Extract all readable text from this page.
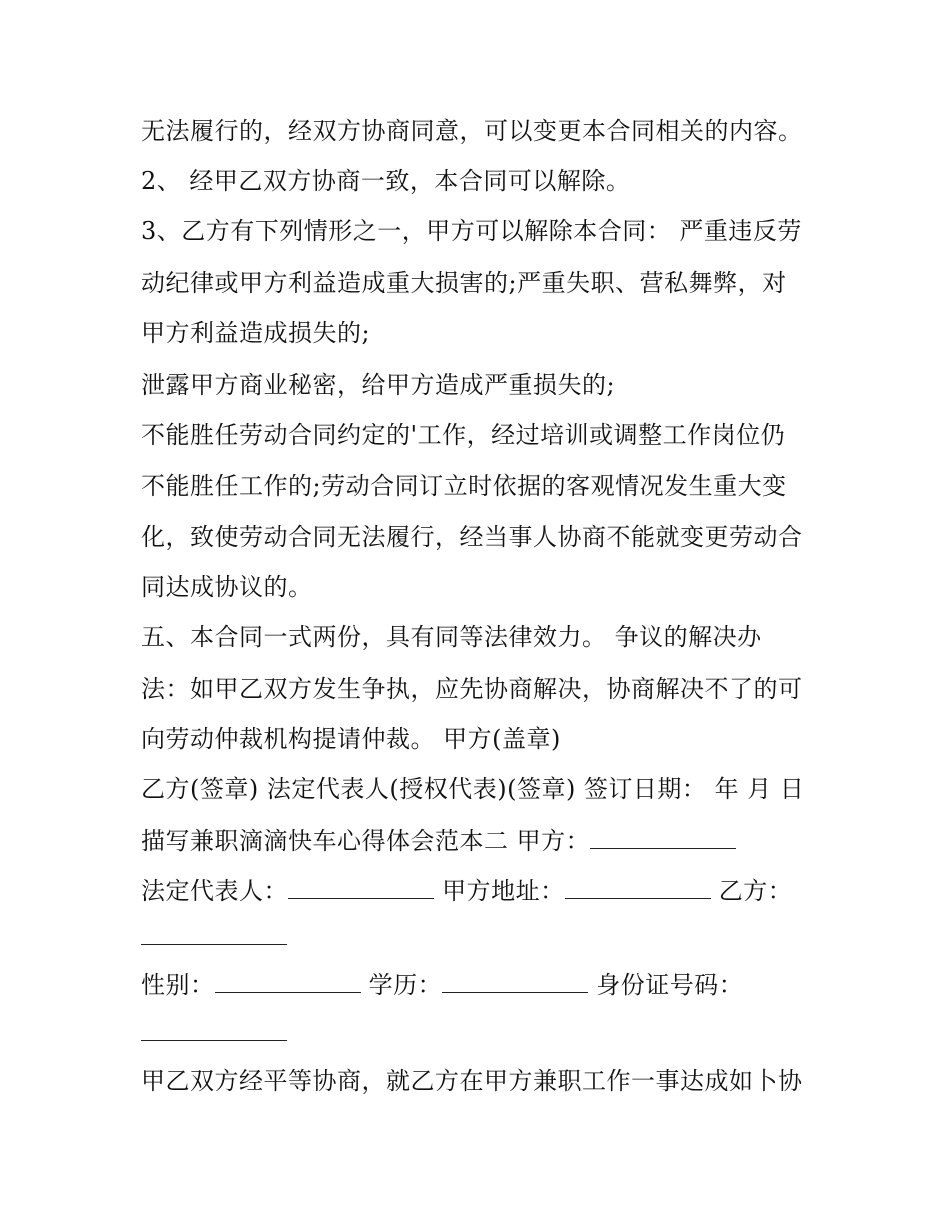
无法履行的，经双方协商同意，可以变更本合同相关的内容。
2、 经甲乙双方协商一致，本合同可以解除。
3、乙方有下列情形之一，甲方可以解除本合同： 严重违反劳
动纪律或甲方利益造成重大损害的;严重失职、营私舞弊，对
甲方利益造成损失的;
泄露甲方商业秘密，给甲方造成严重损失的;
不能胜任劳动合同约定的'工作，经过培训或调整工作岗位仍
不能胜任工作的;劳动合同订立时依据的客观情况发生重大变
化，致使劳动合同无法履行，经当事人协商不能就变更劳动合
同达成协议的。
五、本合同一式两份，具有同等法律效力。 争议的解决办
法：如甲乙双方发生争执，应先协商解决，协商解决不了的可
向劳动仲裁机构提请仲裁。 甲方(盖章)
乙方(签章) 法定代表人(授权代表)(签章) 签订日期： 年 月 日
描写兼职滴滴快车心得体会范本二 甲方：
法定代表人：	甲方地址：	乙方：
性别：	学历：	身份证号码：
甲乙双方经平等协商，就乙方在甲方兼职工作一事达成如卜协
